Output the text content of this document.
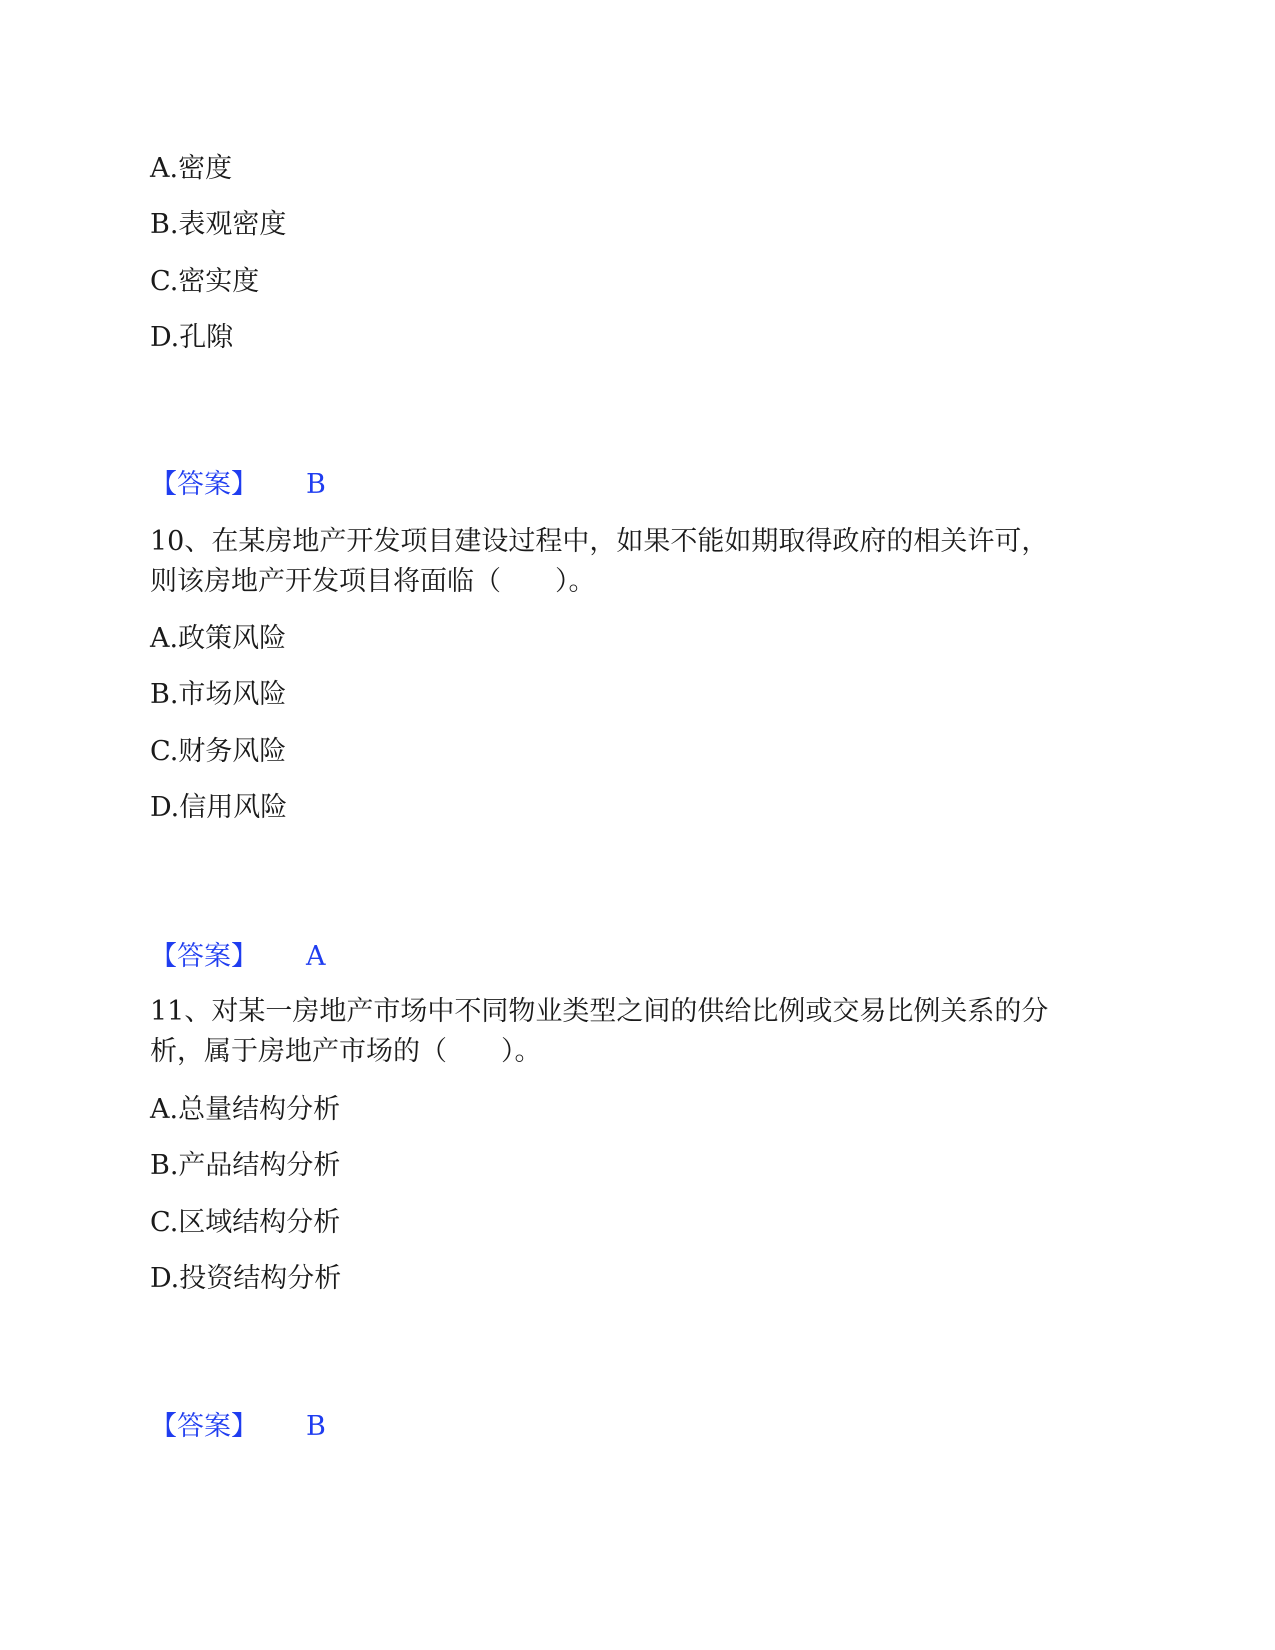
A.密度
B.表观密度
C.密实度
D.孔隙
【答案】 B
10、在某房地产开发项目建设过程中，如果不能如期取得政府的相关许可，
则该房地产开发项目将面临（　　）。
A.政策风险
B.市场风险
C.财务风险
D.信用风险
【答案】 A
11、对某一房地产市场中不同物业类型之间的供给比例或交易比例关系的分
析，属于房地产市场的（　　）。
A.总量结构分析
B.产品结构分析
C.区域结构分析
D.投资结构分析
【答案】 B
